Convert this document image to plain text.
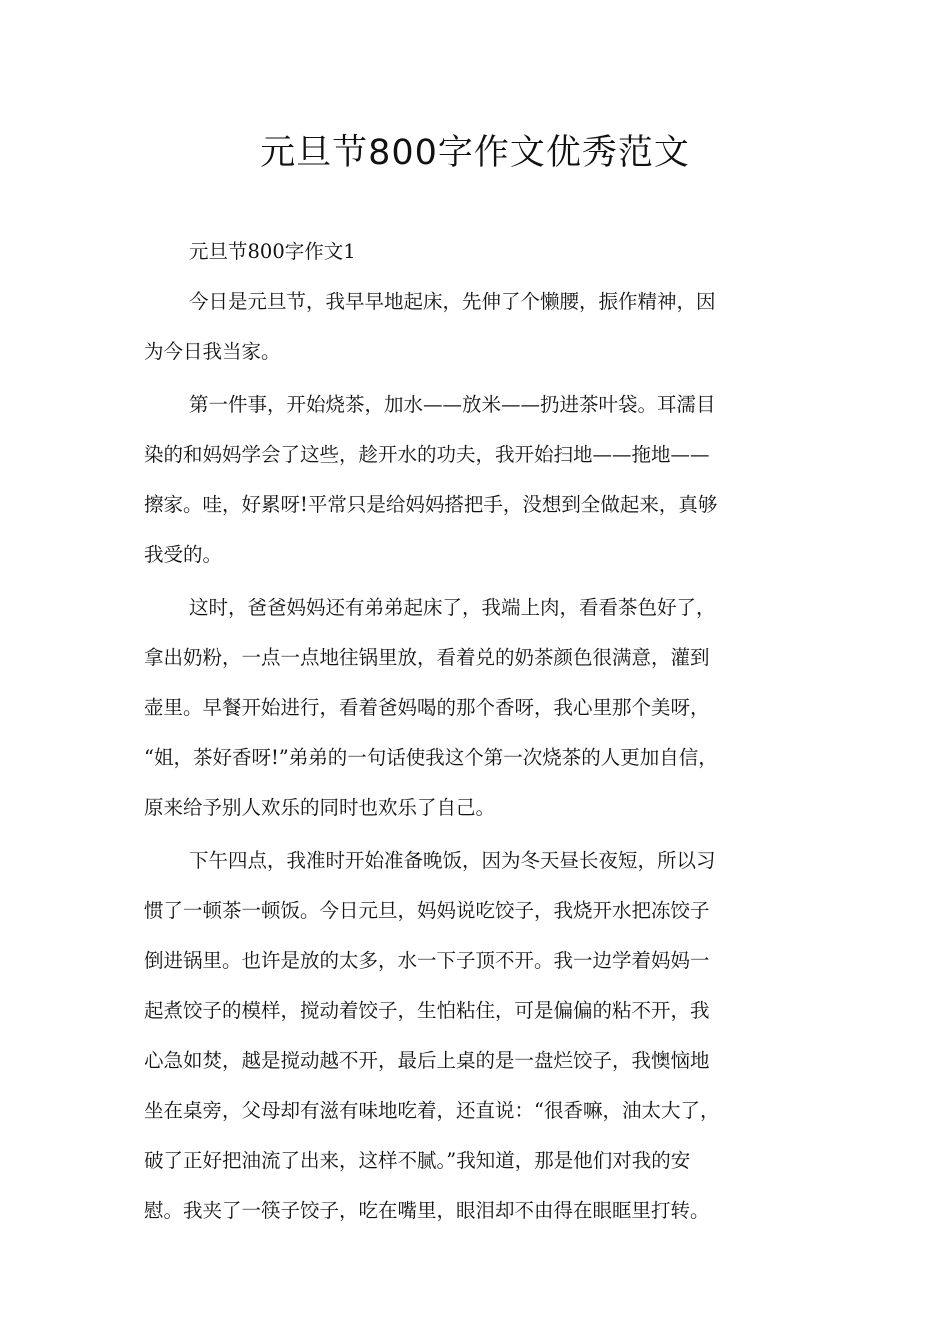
元旦节800字作文优秀范文

元旦节800字作文1

今日是元旦节，我早早地起床，先伸了个懒腰，振作精神，因
为今日我当家。

第一件事，开始烧茶，加水——放米——扔进茶叶袋。耳濡目
染的和妈妈学会了这些，趁开水的功夫，我开始扫地——拖地——
擦家。哇，好累呀!平常只是给妈妈搭把手，没想到全做起来，真够
我受的。

这时，爸爸妈妈还有弟弟起床了，我端上肉，看看茶色好了，
拿出奶粉，一点一点地往锅里放，看着兑的奶茶颜色很满意，灌到
壶里。早餐开始进行，看着爸妈喝的那个香呀，我心里那个美呀，
“姐，茶好香呀!”弟弟的一句话使我这个第一次烧茶的人更加自信，
原来给予别人欢乐的同时也欢乐了自己。

下午四点，我准时开始准备晚饭，因为冬天昼长夜短，所以习
惯了一顿茶一顿饭。今日元旦，妈妈说吃饺子，我烧开水把冻饺子
倒进锅里。也许是放的太多，水一下子顶不开。我一边学着妈妈一
起煮饺子的模样，搅动着饺子，生怕粘住，可是偏偏的粘不开，我
心急如焚，越是搅动越不开，最后上桌的是一盘烂饺子，我懊恼地
坐在桌旁，父母却有滋有味地吃着，还直说：“很香嘛，油太大了，
破了正好把油流了出来，这样不腻。”我知道，那是他们对我的安
慰。我夹了一筷子饺子，吃在嘴里，眼泪却不由得在眼眶里打转。
